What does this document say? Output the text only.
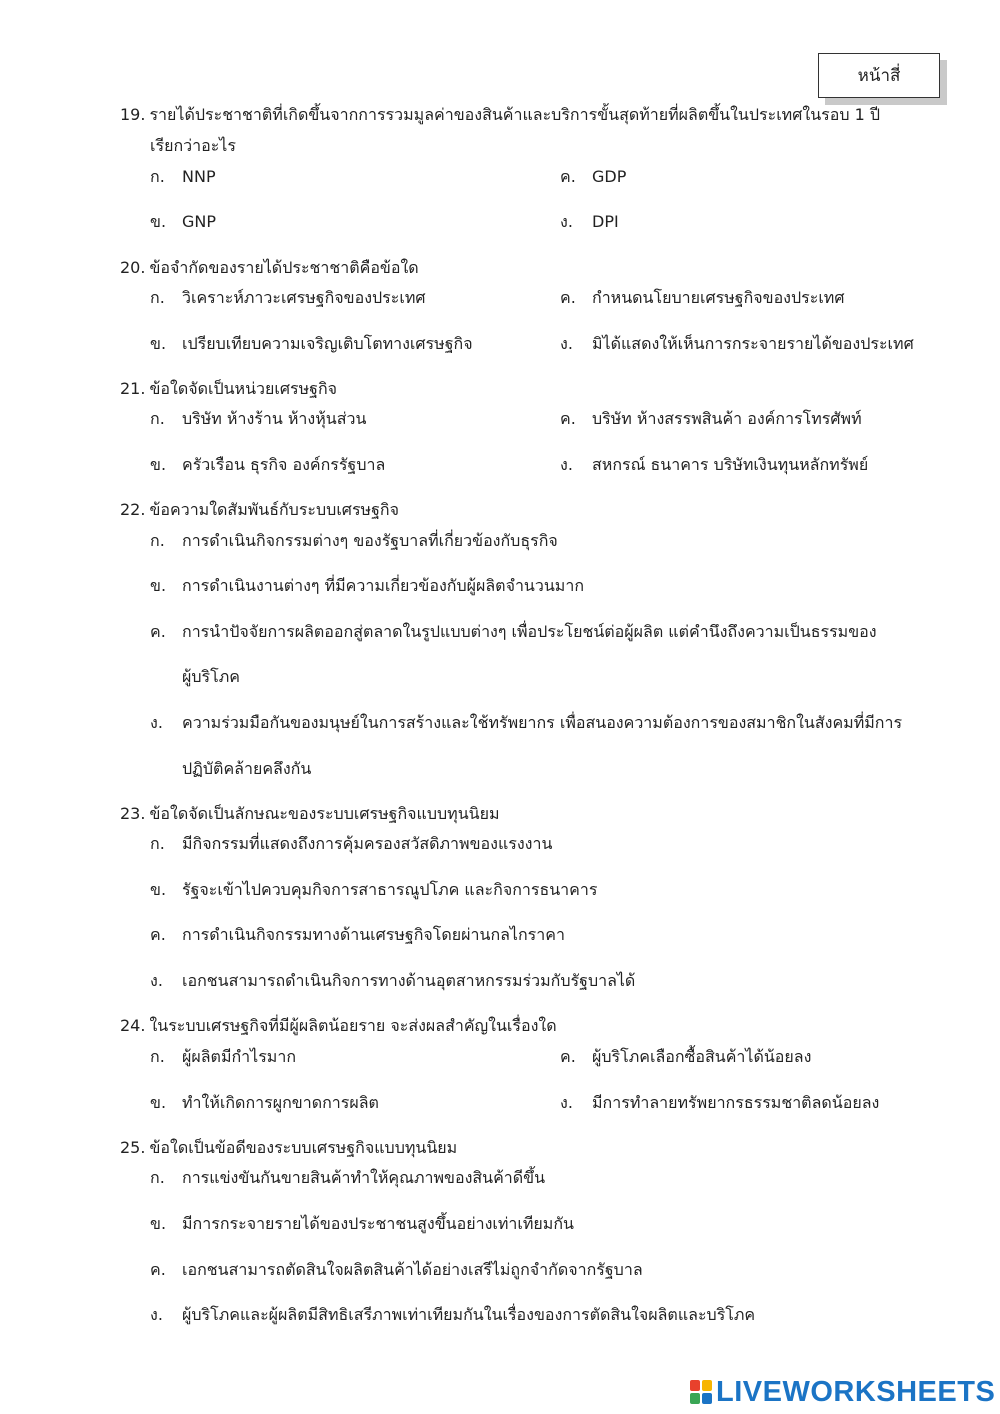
หน้าสี่
19. รายได้ประชาชาติที่เกิดขึ้นจากการรวมมูลค่าของสินค้าและบริการขั้นสุดท้ายที่ผลิตขึ้นในประเทศในรอบ 1 ปี
เรียกว่าอะไร
ก. NNP	ค. GDP
ข. GNP	ง. DPI
20. ข้อจำกัดของรายได้ประชาชาติคือข้อใด
ก. วิเคราะห์ภาวะเศรษฐกิจของประเทศ	ค. กำหนดนโยบายเศรษฐกิจของประเทศ
ข. เปรียบเทียบความเจริญเติบโตทางเศรษฐกิจ	ง. มิได้แสดงให้เห็นการกระจายรายได้ของประเทศ
21. ข้อใดจัดเป็นหน่วยเศรษฐกิจ
ก. บริษัท ห้างร้าน ห้างหุ้นส่วน	ค. บริษัท ห้างสรรพสินค้า องค์การโทรศัพท์
ข. ครัวเรือน ธุรกิจ องค์กรรัฐบาล	ง. สหกรณ์ ธนาคาร บริษัทเงินทุนหลักทรัพย์
22. ข้อความใดสัมพันธ์กับระบบเศรษฐกิจ
ก. การดำเนินกิจกรรมต่างๆ ของรัฐบาลที่เกี่ยวข้องกับธุรกิจ
ข. การดำเนินงานต่างๆ ที่มีความเกี่ยวข้องกับผู้ผลิตจำนวนมาก
ค. การนำปัจจัยการผลิตออกสู่ตลาดในรูปแบบต่างๆ เพื่อประโยชน์ต่อผู้ผลิต แต่คำนึงถึงความเป็นธรรมของ
ผู้บริโภค
ง. ความร่วมมือกันของมนุษย์ในการสร้างและใช้ทรัพยากร เพื่อสนองความต้องการของสมาชิกในสังคมที่มีการ
ปฏิบัติคล้ายคลึงกัน
23. ข้อใดจัดเป็นลักษณะของระบบเศรษฐกิจแบบทุนนิยม
ก. มีกิจกรรมที่แสดงถึงการคุ้มครองสวัสดิภาพของแรงงาน
ข. รัฐจะเข้าไปควบคุมกิจการสาธารณูปโภค และกิจการธนาคาร
ค. การดำเนินกิจกรรมทางด้านเศรษฐกิจโดยผ่านกลไกราคา
ง. เอกชนสามารถดำเนินกิจการทางด้านอุตสาหกรรมร่วมกับรัฐบาลได้
24. ในระบบเศรษฐกิจที่มีผู้ผลิตน้อยราย จะส่งผลสำคัญในเรื่องใด
ก. ผู้ผลิตมีกำไรมาก	ค. ผู้บริโภคเลือกซื้อสินค้าได้น้อยลง
ข. ทำให้เกิดการผูกขาดการผลิต	ง. มีการทำลายทรัพยากรธรรมชาติลดน้อยลง
25. ข้อใดเป็นข้อดีของระบบเศรษฐกิจแบบทุนนิยม
ก. การแข่งขันกันขายสินค้าทำให้คุณภาพของสินค้าดีขึ้น
ข. มีการกระจายรายได้ของประชาชนสูงขึ้นอย่างเท่าเทียมกัน
ค. เอกชนสามารถตัดสินใจผลิตสินค้าได้อย่างเสรีไม่ถูกจำกัดจากรัฐบาล
ง. ผู้บริโภคและผู้ผลิตมีสิทธิเสรีภาพเท่าเทียมกันในเรื่องของการตัดสินใจผลิตและบริโภค
LIVEWORKSHEETS
